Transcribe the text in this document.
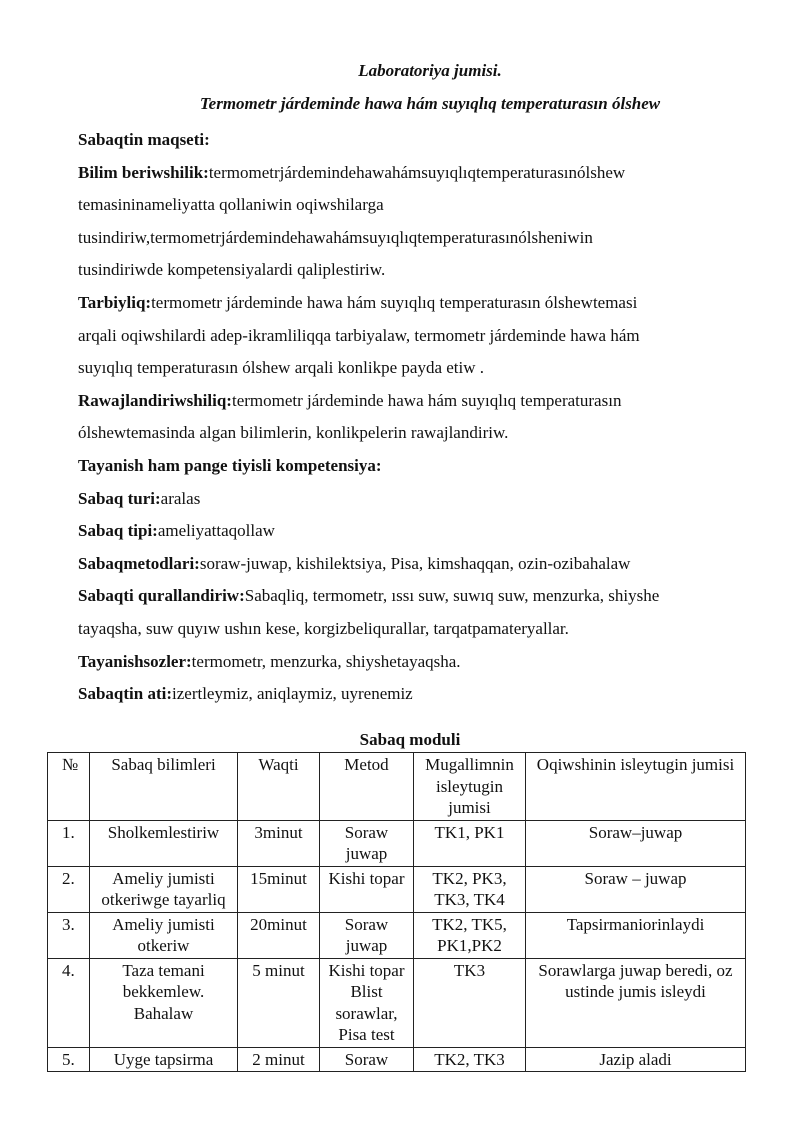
Laboratoriya jumisi.
Termometr járdeminde hawa hám suyıqlıq temperaturasın ólshew
Sabaqtin maqseti:
Bilim beriwshilik:termometrjárdemindehawahámsuyıqlıqtemperaturasınólshew
temasininameliyatta qollaniwin oqiwshilarga
tusindiriw,termometrjárdemindehawahámsuyıqlıqtemperaturasınólsheniwin
tusindiriwde kompetensiyalardi qaliplestiriw.
Tarbiyliq:termometr járdeminde hawa hám suyıqlıq temperaturasın ólshewtemasi
arqali oqiwshilardi adep-ikramliliqqa tarbiyalaw, termometr járdeminde hawa hám
suyıqlıq temperaturasın ólshew arqali konlikpe payda etiw .
Rawajlandiriwshiliq:termometr járdeminde hawa hám suyıqlıq temperaturasın
ólshewtemasinda algan bilimlerin, konlikpelerin rawajlandiriw.
Tayanish ham pange tiyisli kompetensiya:
Sabaq turi:aralas
Sabaq tipi:ameliyattaqollaw
Sabaqmetodlari:soraw-juwap, kishilektsiya, Pisa, kimshaqqan, ozin-ozibahalaw
Sabaqti qurallandiriw:Sabaqliq, termometr, ıssı suw, suwıq suw, menzurka, shiyshe
tayaqsha, suw quyıw ushın kese, korgizbeliqurallar, tarqatpamateryallar.
Tayanishsozler:termometr, menzurka, shiyshetayaqsha.
Sabaqtin ati:izertleymiz, aniqlaymiz, uyrenemiz
Sabaq moduli
№	Sabaq bilimleri	Waqti	Metod	Mugallimnin isleytugin jumisi	Oqiwshinin isleytugin jumisi
1.	Sholkemlestiriw	3minut	Soraw juwap	TK1, PK1	Soraw–juwap
2.	Ameliy jumisti otkeriwge tayarliq	15minut	Kishi topar	TK2, PK3, TK3, TK4	Soraw – juwap
3.	Ameliy jumisti otkeriw	20minut	Soraw juwap	TK2, TK5, PK1,PK2	Tapsirmaniorinlaydi
4.	Taza temani bekkemlew. Bahalaw	5 minut	Kishi topar Blist sorawlar, Pisa test	TK3	Sorawlarga juwap beredi, oz ustinde jumis isleydi
5.	Uyge tapsirma	2 minut	Soraw	TK2, TK3	Jazip aladi
